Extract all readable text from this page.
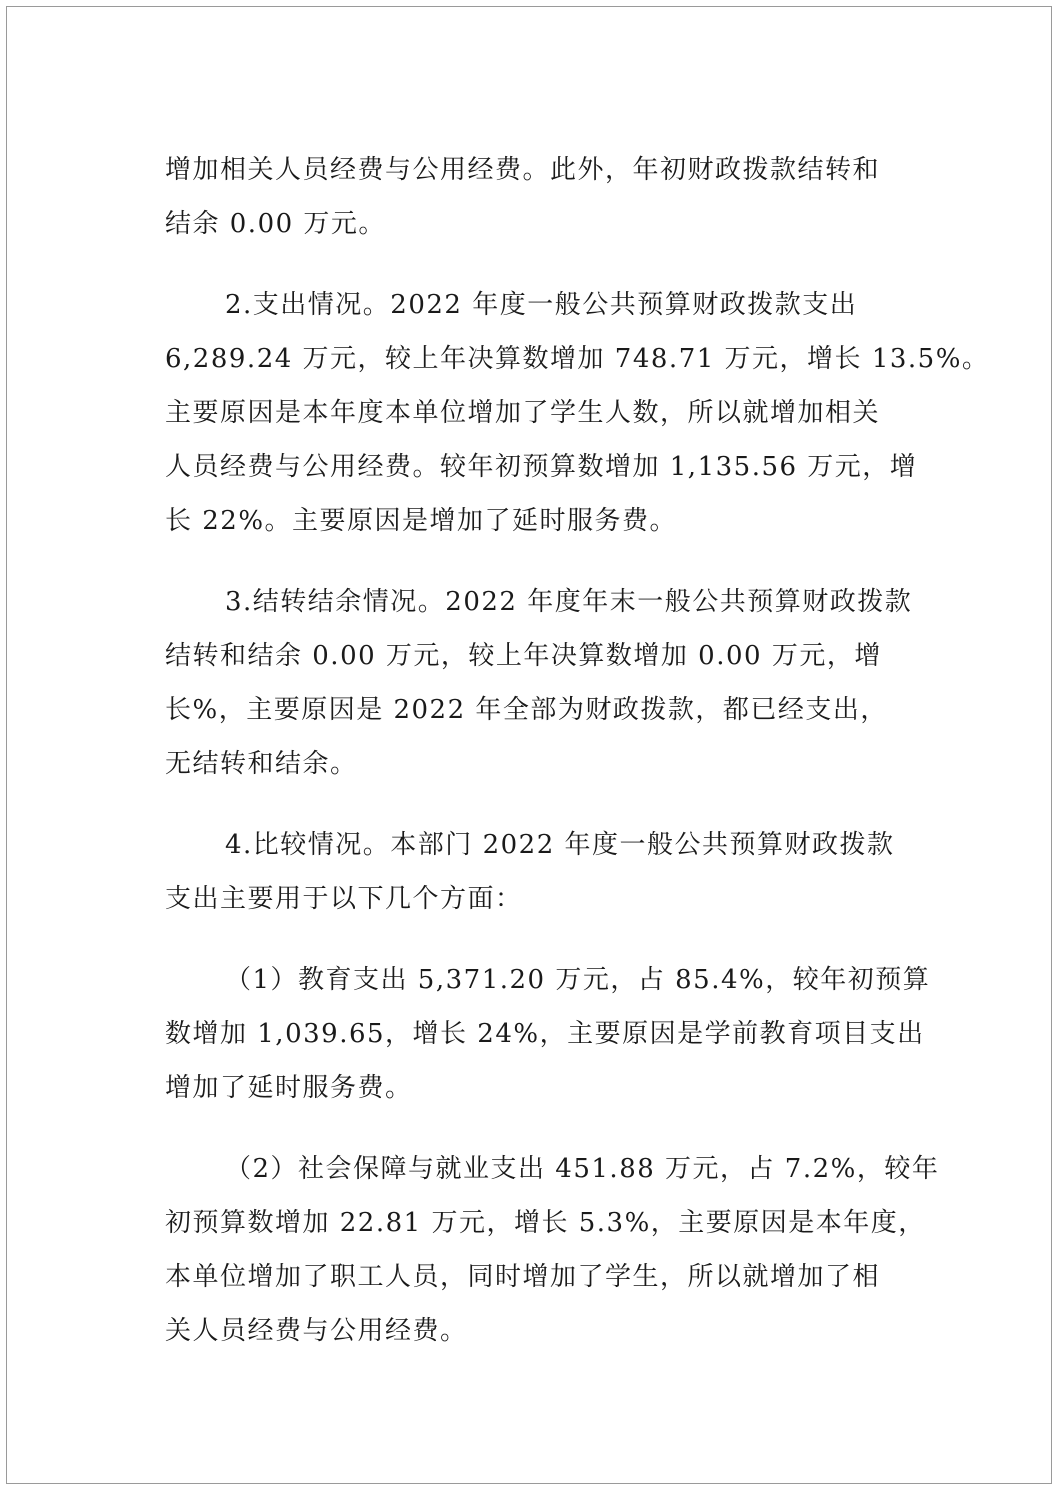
增加相关人员经费与公用经费。此外，年初财政拨款结转和
结余 0.00 万元。
2.支出情况。2022 年度一般公共预算财政拨款支出
6,289.24 万元，较上年决算数增加 748.71 万元，增长 13.5%。
主要原因是本年度本单位增加了学生人数，所以就增加相关
人员经费与公用经费。较年初预算数增加 1,135.56 万元，增
长 22%。主要原因是增加了延时服务费。
3.结转结余情况。2022 年度年末一般公共预算财政拨款
结转和结余 0.00 万元，较上年决算数增加 0.00 万元，增
长%，主要原因是 2022 年全部为财政拨款，都已经支出，
无结转和结余。
4.比较情况。本部门 2022 年度一般公共预算财政拨款
支出主要用于以下几个方面：
（1）教育支出 5,371.20 万元，占 85.4%，较年初预算
数增加 1,039.65，增长 24%，主要原因是学前教育项目支出
增加了延时服务费。
（2）社会保障与就业支出 451.88 万元，占 7.2%，较年
初预算数增加 22.81 万元，增长 5.3%，主要原因是本年度，
本单位增加了职工人员，同时增加了学生，所以就增加了相
关人员经费与公用经费。
